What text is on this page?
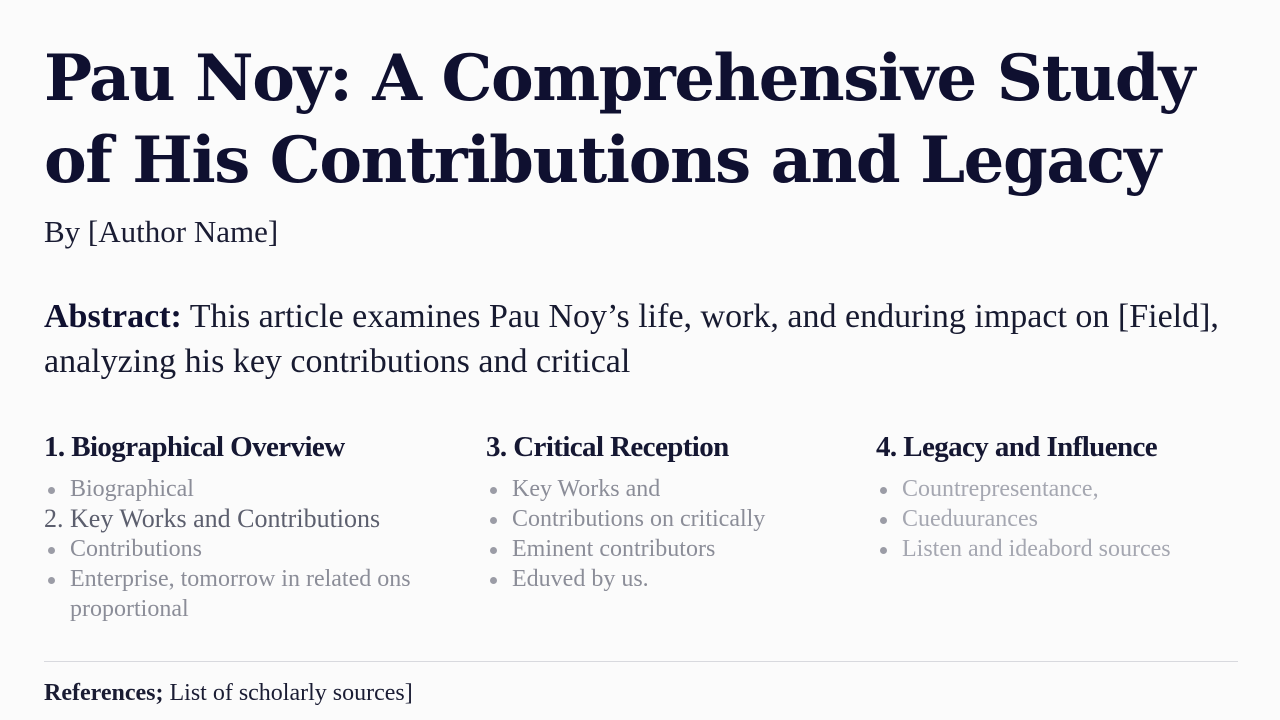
Pau Noy: A Comprehensive Study of His Contributions and Legacy
By [Author Name]

Abstract: This article examines Pau Noy’s life, work, and enduring impact on [Field], analyzing his key contributions and critical

1. Biographical Overview
Biographical
2. Key Works and Contributions
Contributions
Enterprise, tomorrow in related ons proportional
3. Critical Reception
Key Works and
Contributions on critically
Eminent contributors
Eduved by us.
4. Legacy and Influence
Countrepresentance,
Cueduurances
Listen and ideabord sources
References; List of scholarly sources]
